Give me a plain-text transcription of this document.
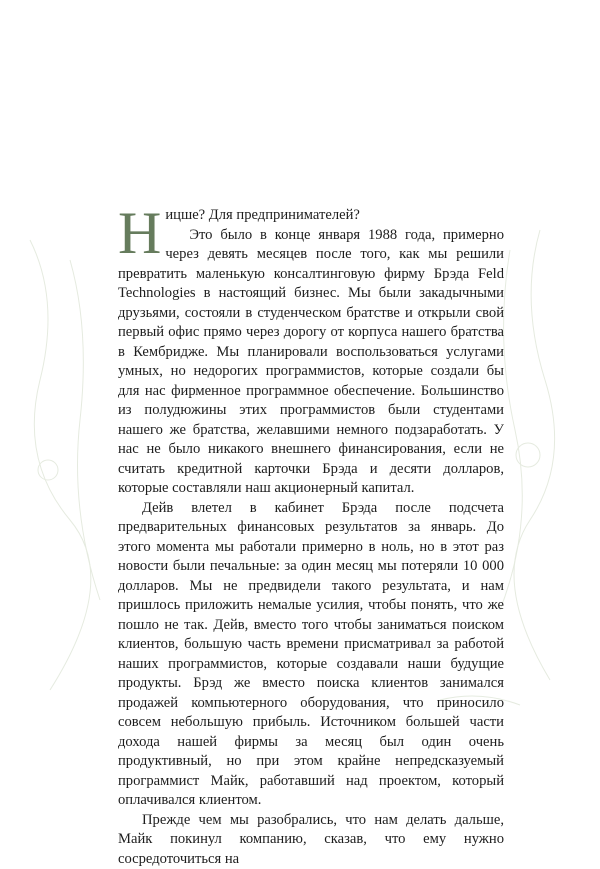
Ницше? Для предпринимателей?

Это было в конце января 1988 года, примерно через девять месяцев после того, как мы решили превратить маленькую консалтинговую фирму Брэда Feld Technologies в настоящий бизнес. Мы были закадычными друзьями, состояли в студенческом братстве и открыли свой первый офис прямо через дорогу от корпуса нашего братства в Кембридже. Мы планировали воспользоваться услугами умных, но недорогих программистов, которые создали бы для нас фирменное программное обеспечение. Большинство из полудюжины этих программистов были студентами нашего же братства, желавшими немного подзаработать. У нас не было никакого внешнего финансирования, если не считать кредитной карточки Брэда и десяти долларов, которые составляли наш акционерный капитал.

Дейв влетел в кабинет Брэда после подсчета предварительных финансовых результатов за январь. До этого момента мы работали примерно в ноль, но в этот раз новости были печальные: за один месяц мы потеряли 10 000 долларов. Мы не предвидели такого результата, и нам пришлось приложить немалые усилия, чтобы понять, что же пошло не так. Дейв, вместо того чтобы заниматься поиском клиентов, большую часть времени присматривал за работой наших программистов, которые создавали наши будущие продукты. Брэд же вместо поиска клиентов занимался продажей компьютерного оборудования, что приносило совсем небольшую прибыль. Источником большей части дохода нашей фирмы за месяц был один очень продуктивный, но при этом крайне непредсказуемый программист Майк, работавший над проектом, который оплачивался клиентом.

Прежде чем мы разобрались, что нам делать дальше, Майк покинул компанию, сказав, что ему нужно сосредоточиться на
